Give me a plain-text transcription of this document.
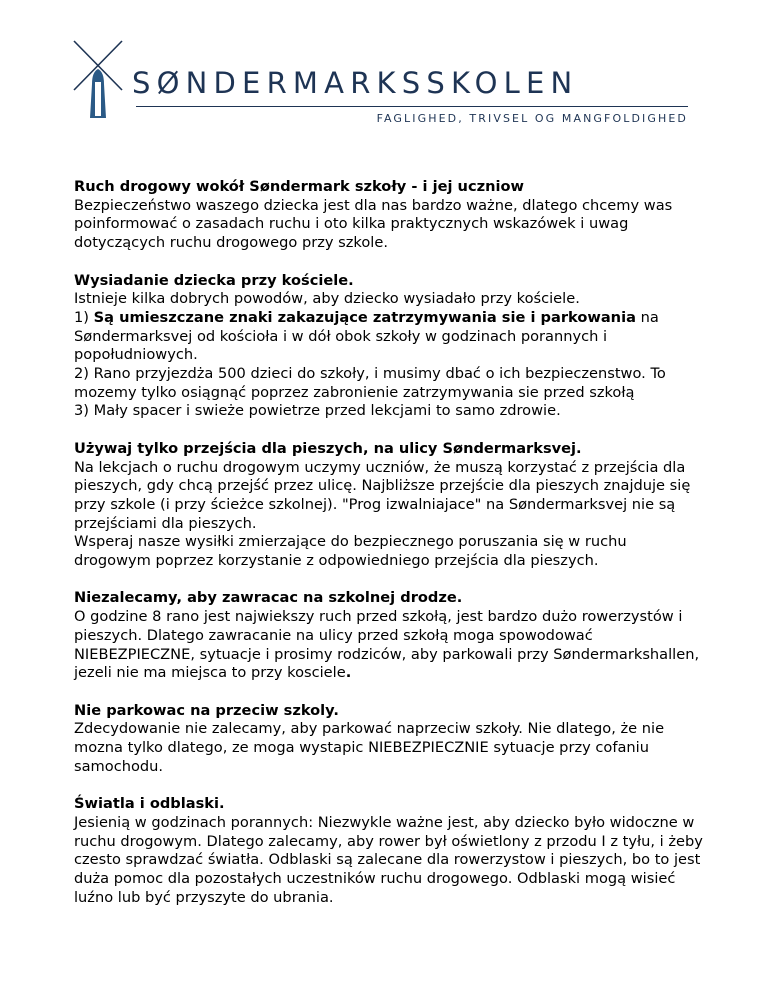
SØNDERMARKSSKOLEN
FAGLIGHED, TRIVSEL OG MANGFOLDIGHED

Ruch drogowy wokół Søndermark szkoły - i jej uczniow

Bezpieczeństwo waszego dziecka jest dla nas bardzo ważne, dlatego chcemy was poinformować o zasadach ruchu i oto kilka praktycznych wskazówek i uwag dotyczących ruchu drogowego przy szkole.

Wysiadanie dziecka przy kościele.

Istnieje kilka dobrych powodów, aby dziecko wysiadało przy kościele.

1) Są umieszczane znaki zakazujące zatrzymywania sie i parkowania na Søndermarksvej od kościoła i w dół obok szkoły w godzinach porannych i popołudniowych.

2) Rano przyjezdża 500 dzieci do szkoły, i musimy dbać o ich bezpieczenstwo. To mozemy tylko osiągnąć poprzez zabronienie zatrzymywania sie przed szkołą

3) Mały spacer i swieże powietrze przed lekcjami to samo zdrowie.

Używaj tylko przejścia dla pieszych, na ulicy Søndermarksvej.

Na lekcjach o ruchu drogowym uczymy uczniów, że muszą korzystać z przejścia dla pieszych, gdy chcą przejść przez ulicę. Najbliższe przejście dla pieszych znajduje się przy szkole (i przy ścieżce szkolnej). "Prog izwalniajace" na Søndermarksvej nie są przejściami dla pieszych.

Wsperaj nasze wysiłki zmierzające do bezpiecznego poruszania się w ruchu drogowym poprzez korzystanie z odpowiedniego przejścia dla pieszych.

Niezalecamy, aby zawracac na szkolnej drodze.

O godzine 8 rano jest najwiekszy ruch przed szkołą, jest bardzo dużo rowerzystów i pieszych. Dlatego zawracanie na ulicy przed szkołą moga spowodować NIEBEZPIECZNE, sytuacje i prosimy rodziców, aby parkowali przy Søndermarkshallen, jezeli nie ma miejsca to przy kosciele.

Nie parkowac na przeciw szkoly.

Zdecydowanie nie zalecamy, aby parkować naprzeciw szkoły. Nie dlatego, że nie mozna tylko dlatego, ze moga wystapic NIEBEZPIECZNIE sytuacje przy cofaniu samochodu.

Światla i odblaski.

Jesienią w godzinach porannych: Niezwykle ważne jest, aby dziecko było widoczne w ruchu drogowym. Dlatego zalecamy, aby rower był oświetlony z przodu I z tyłu, i żeby czesto sprawdzać światła. Odblaski są zalecane dla rowerzystow i pieszych, bo to jest duża pomoc dla pozostałych uczestników ruchu drogowego. Odblaski mogą wisieć luźno lub być przyszyte do ubrania.
